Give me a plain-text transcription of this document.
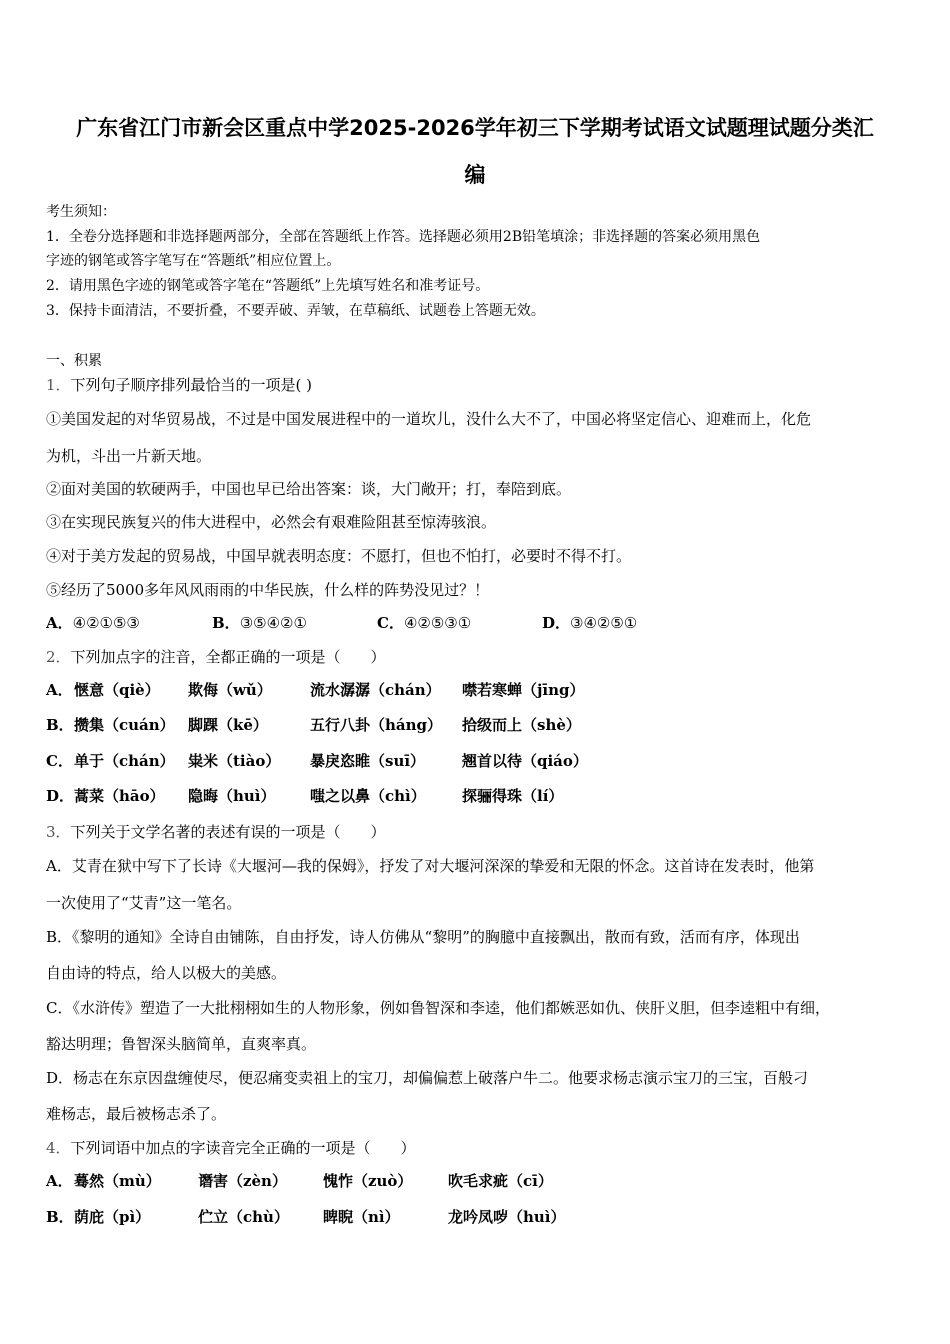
广东省江门市新会区重点中学2025-2026学年初三下学期考试语文试题理试题分类汇
编
考生须知：
1．全卷分选择题和非选择题两部分，全部在答题纸上作答。选择题必须用2B铅笔填涂；非选择题的答案必须用黑色
字迹的钢笔或答字笔写在“答题纸”相应位置上。
2．请用黑色字迹的钢笔或答字笔在“答题纸”上先填写姓名和准考证号。
3．保持卡面清洁，不要折叠，不要弄破、弄皱，在草稿纸、试题卷上答题无效。
一、积累
1．下列句子顺序排列最恰当的一项是( )
①美国发起的对华贸易战，不过是中国发展进程中的一道坎儿，没什么大不了，中国必将坚定信心、迎难而上，化危
为机，斗出一片新天地。
②面对美国的软硬两手，中国也早已给出答案：谈，大门敞开；打，奉陪到底。
③在实现民族复兴的伟大进程中，必然会有艰难险阻甚至惊涛骇浪。
④对于美方发起的贸易战，中国早就表明态度：不愿打，但也不怕打，必要时不得不打。
⑤经历了5000多年风风雨雨的中华民族，什么样的阵势没见过？！
A．④②①⑤③	B．③⑤④②①	C．④②⑤③①	D．③④②⑤①
2．下列加点字的注音，全都正确的一项是（　　）
A． 惬意（qiè） 欺侮（wǔ）	流水潺潺（chán） 噤若寒蝉（jīng）
B． 攒集（cuán） 脚踝（kē）	五行八卦（háng） 拾级而上（shè）
C． 单于（chán） 粜米（tiào） 暴戾恣睢（suī） 翘首以待（qiáo）
D． 蒿菜（hāo） 隐晦（huì） 嗤之以鼻（chì） 探骊得珠（lí）
3．下列关于文学名著的表述有误的一项是（　　）
A．艾青在狱中写下了长诗《大堰河—我的保姆》，抒发了对大堰河深深的挚爱和无限的怀念。这首诗在发表时，他第
一次使用了“艾青”这一笔名。
B．《黎明的通知》全诗自由铺陈，自由抒发，诗人仿佛从“黎明”的胸臆中直接飘出，散而有致，活而有序，体现出
自由诗的特点，给人以极大的美感。
C．《水浒传》塑造了一大批栩栩如生的人物形象，例如鲁智深和李逵，他们都嫉恶如仇、侠肝义胆，但李逵粗中有细，
豁达明理；鲁智深头脑简单，直爽率真。
D．杨志在东京因盘缠使尽，便忍痛变卖祖上的宝刀，却偏偏惹上破落户牛二。他要求杨志演示宝刀的三宝，百般刁
难杨志，最后被杨志杀了。
4．下列词语中加点的字读音完全正确的一项是（　　）
A． 蓦然（mù） 谮害（zèn） 愧怍（zuò） 吹毛求疵（cī）
B． 荫庇（pì）	伫立（chù） 睥睨（nì）	龙吟凤哕（huì）
